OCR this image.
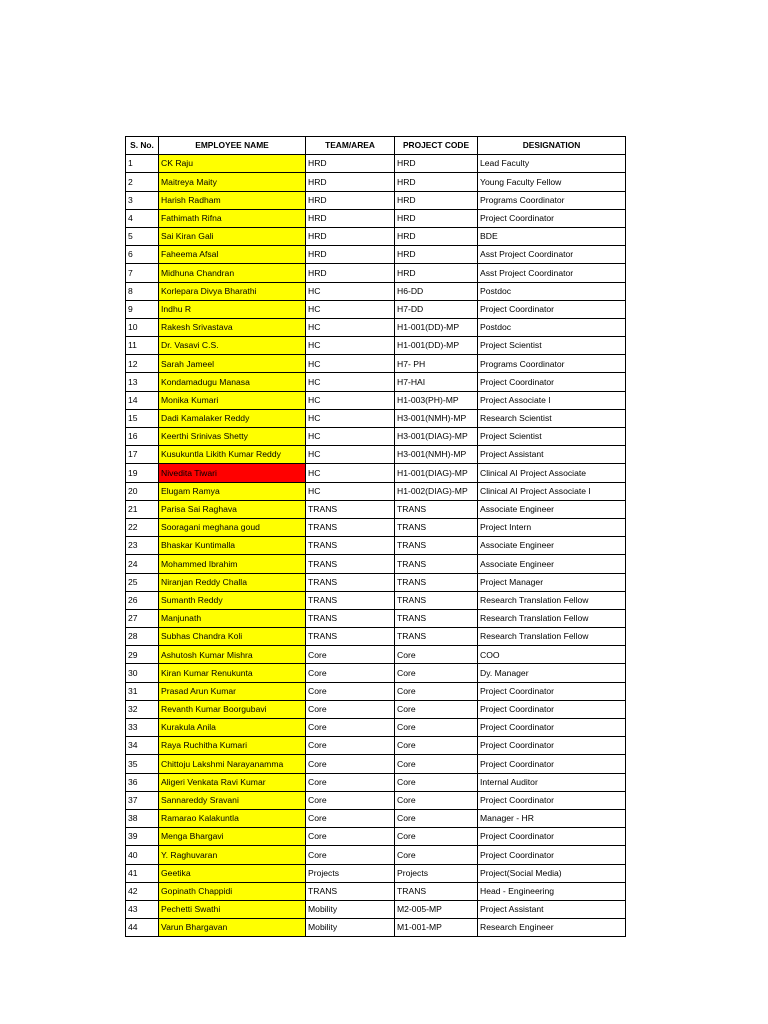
S. No.	EMPLOYEE NAME	TEAM/AREA	PROJECT CODE	DESIGNATION
1	CK Raju	HRD	HRD	Lead Faculty
2	Maitreya Maity	HRD	HRD	Young Faculty Fellow
3	Harish Radham	HRD	HRD	Programs Coordinator
4	Fathimath Rifna	HRD	HRD	Project Coordinator
5	Sai Kiran Gali	HRD	HRD	BDE
6	Faheema Afsal	HRD	HRD	Asst Project Coordinator
7	Midhuna Chandran	HRD	HRD	Asst Project Coordinator
8	Korlepara Divya Bharathi	HC	H6-DD	Postdoc
9	Indhu R	HC	H7-DD	Project Coordinator
10	Rakesh Srivastava	HC	H1-001(DD)-MP	Postdoc
11	Dr. Vasavi C.S.	HC	H1-001(DD)-MP	Project Scientist
12	Sarah Jameel	HC	H7- PH	Programs Coordinator
13	Kondamadugu Manasa	HC	H7-HAI	Project Coordinator
14	Monika Kumari	HC	H1-003(PH)-MP	Project Associate I
15	Dadi Kamalaker Reddy	HC	H3-001(NMH)-MP	Research Scientist
16	Keerthi Srinivas Shetty	HC	H3-001(DIAG)-MP	Project Scientist
17	Kusukuntla Likith Kumar Reddy	HC	H3-001(NMH)-MP	Project Assistant
19	Nivedita Tiwari	HC	H1-001(DIAG)-MP	Clinical AI Project Associate
20	Elugam Ramya	HC	H1-002(DIAG)-MP	Clinical AI Project Associate I
21	Parisa Sai Raghava	TRANS	TRANS	Associate Engineer
22	Sooragani meghana goud	TRANS	TRANS	Project Intern
23	Bhaskar Kuntimalla	TRANS	TRANS	Associate Engineer
24	Mohammed Ibrahim	TRANS	TRANS	Associate Engineer
25	Niranjan Reddy Challa	TRANS	TRANS	Project Manager
26	Sumanth Reddy	TRANS	TRANS	Research Translation Fellow
27	Manjunath	TRANS	TRANS	Research Translation Fellow
28	Subhas Chandra Koli	TRANS	TRANS	Research Translation Fellow
29	Ashutosh Kumar Mishra	Core	Core	COO
30	Kiran Kumar Renukunta	Core	Core	Dy. Manager
31	Prasad Arun Kumar	Core	Core	Project Coordinator
32	Revanth Kumar Boorgubavi	Core	Core	Project Coordinator
33	Kurakula Anila	Core	Core	Project Coordinator
34	Raya Ruchitha Kumari	Core	Core	Project Coordinator
35	Chittoju Lakshmi Narayanamma	Core	Core	Project Coordinator
36	Aligeri Venkata Ravi Kumar	Core	Core	Internal Auditor
37	Sannareddy Sravani	Core	Core	Project Coordinator
38	Ramarao Kalakuntla	Core	Core	Manager - HR
39	Menga Bhargavi	Core	Core	Project Coordinator
40	Y. Raghuvaran	Core	Core	Project Coordinator
41	Geetika	Projects	Projects	Project(Social Media)
42	Gopinath Chappidi	TRANS	TRANS	Head - Engineering
43	Pechetti Swathi	Mobility	M2-005-MP	Project Assistant
44	Varun Bhargavan	Mobility	M1-001-MP	Research Engineer
